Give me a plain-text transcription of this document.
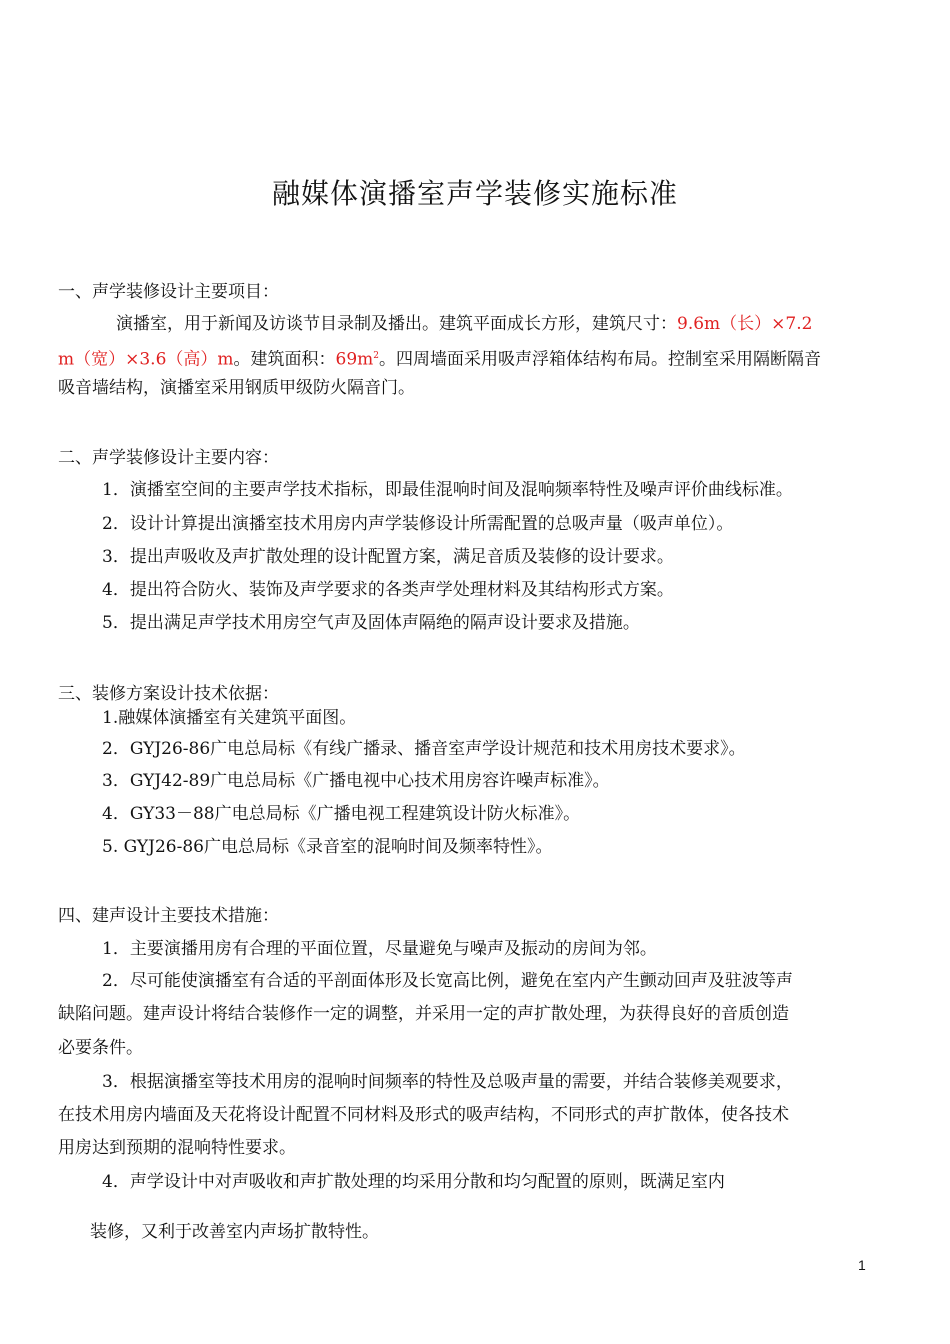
融媒体演播室声学装修实施标准
一、声学装修设计主要项目：
演播室，用于新闻及访谈节目录制及播出。建筑平面成长方形，建筑尺寸：9.6m（长）×7.2
m（宽）×3.6（高）m。建筑面积：$69m^2$。四周墙面采用吸声浮箱体结构布局。控制室采用隔断隔音
吸音墙结构，演播室采用钢质甲级防火隔音门。
二、声学装修设计主要内容：
1．演播室空间的主要声学技术指标，即最佳混响时间及混响频率特性及噪声评价曲线标准。
2．设计计算提出演播室技术用房内声学装修设计所需配置的总吸声量（吸声单位）。
3．提出声吸收及声扩散处理的设计配置方案，满足音质及装修的设计要求。
4．提出符合防火、装饰及声学要求的各类声学处理材料及其结构形式方案。
5．提出满足声学技术用房空气声及固体声隔绝的隔声设计要求及措施。
三、装修方案设计技术依据：
1.融媒体演播室有关建筑平面图。
2．GYJ26-86广电总局标《有线广播录、播音室声学设计规范和技术用房技术要求》。
3．GYJ42-89广电总局标《广播电视中心技术用房容许噪声标准》。
4．GY33－88广电总局标《广播电视工程建筑设计防火标准》。
5. GYJ26-86广电总局标《录音室的混响时间及频率特性》。
四、建声设计主要技术措施：
1．主要演播用房有合理的平面位置，尽量避免与噪声及振动的房间为邻。
2．尽可能使演播室有合适的平剖面体形及长宽高比例，避免在室内产生颤动回声及驻波等声
缺陷问题。建声设计将结合装修作一定的调整，并采用一定的声扩散处理，为获得良好的音质创造
必要条件。
3．根据演播室等技术用房的混响时间频率的特性及总吸声量的需要，并结合装修美观要求，
在技术用房内墙面及天花将设计配置不同材料及形式的吸声结构，不同形式的声扩散体，使各技术
用房达到预期的混响特性要求。
4．声学设计中对声吸收和声扩散处理的均采用分散和均匀配置的原则，既满足室内
装修，又利于改善室内声场扩散特性。
1
